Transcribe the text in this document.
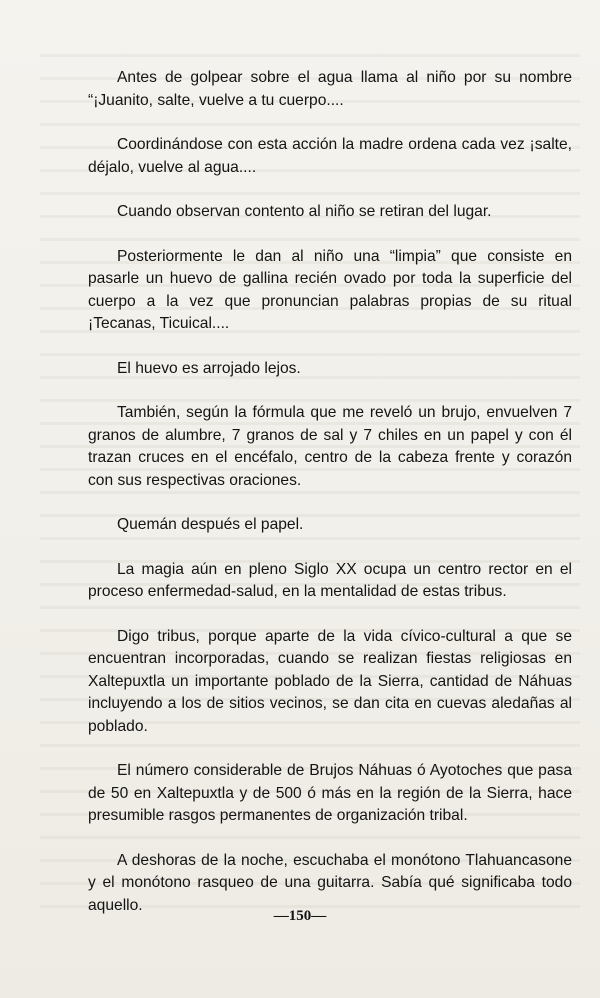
Antes de golpear sobre el agua llama al niño por su nombre “¡Juanito, salte, vuelve a tu cuerpo....

Coordinándose con esta acción la madre ordena cada vez ¡salte, déjalo, vuelve al agua....

Cuando observan contento al niño se retiran del lugar.

Posteriormente le dan al niño una “limpia” que consiste en pasarle un huevo de gallina recién ovado por toda la superficie del cuerpo a la vez que pronuncian palabras propias de su ritual ¡Tecanas, Ticuical....

El huevo es arrojado lejos.

También, según la fórmula que me reveló un brujo, envuelven 7 granos de alumbre, 7 granos de sal y 7 chiles en un papel y con él trazan cruces en el encéfalo, centro de la cabeza frente y corazón con sus respectivas oraciones.

Quemán después el papel.

La magia aún en pleno Siglo XX ocupa un centro rector en el proceso enfermedad-salud, en la mentalidad de estas tribus.

Digo tribus, porque aparte de la vida cívico-cultural a que se encuentran incorporadas, cuando se realizan fiestas religiosas en Xaltepuxtla un importante poblado de la Sierra, cantidad de Náhuas incluyendo a los de sitios vecinos, se dan cita en cuevas aledañas al poblado.

El número considerable de Brujos Náhuas ó Ayotoches que pasa de 50 en Xaltepuxtla y de 500 ó más en la región de la Sierra, hace presumible rasgos permanentes de organización tribal.

A deshoras de la noche, escuchaba el monótono Tlahuancasone y el monótono rasqueo de una guitarra. Sabía qué significaba todo aquello.

—150—
